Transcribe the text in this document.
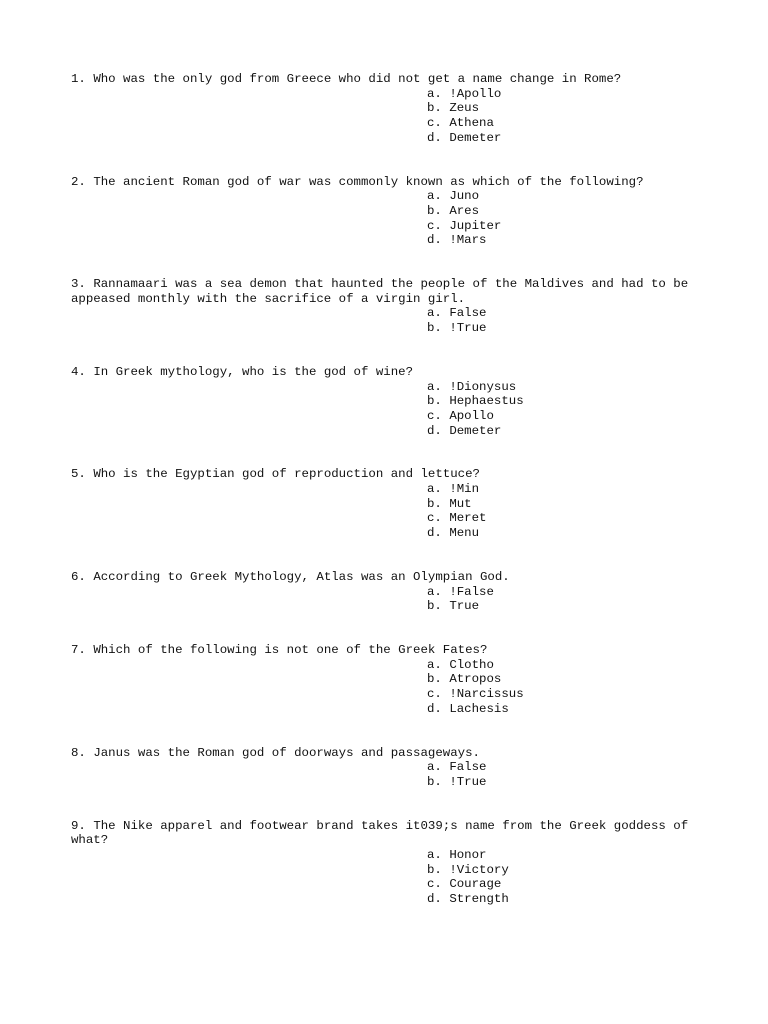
1. Who was the only god from Greece who did not get a name change in Rome?

a. !Apollo
b. Zeus
c. Athena
d. Demeter

2. The ancient Roman god of war was commonly known as which of the following?

a. Juno
b. Ares
c. Jupiter
d. !Mars

3. Rannamaari was a sea demon that haunted the people of the Maldives and had to be appeased monthly with the sacrifice of a virgin girl.

a. False
b. !True

4. In Greek mythology, who is the god of wine?

a. !Dionysus
b. Hephaestus
c. Apollo
d. Demeter

5. Who is the Egyptian god of reproduction and lettuce?

a. !Min
b. Mut
c. Meret
d. Menu

6. According to Greek Mythology, Atlas was an Olympian God.

a. !False
b. True

7. Which of the following is not one of the Greek Fates?

a. Clotho
b. Atropos
c. !Narcissus
d. Lachesis

8. Janus was the Roman god of doorways and passageways.

a. False
b. !True

9. The Nike apparel and footwear brand takes it039;s name from the Greek goddess of what?

a. Honor
b. !Victory
c. Courage
d. Strength
